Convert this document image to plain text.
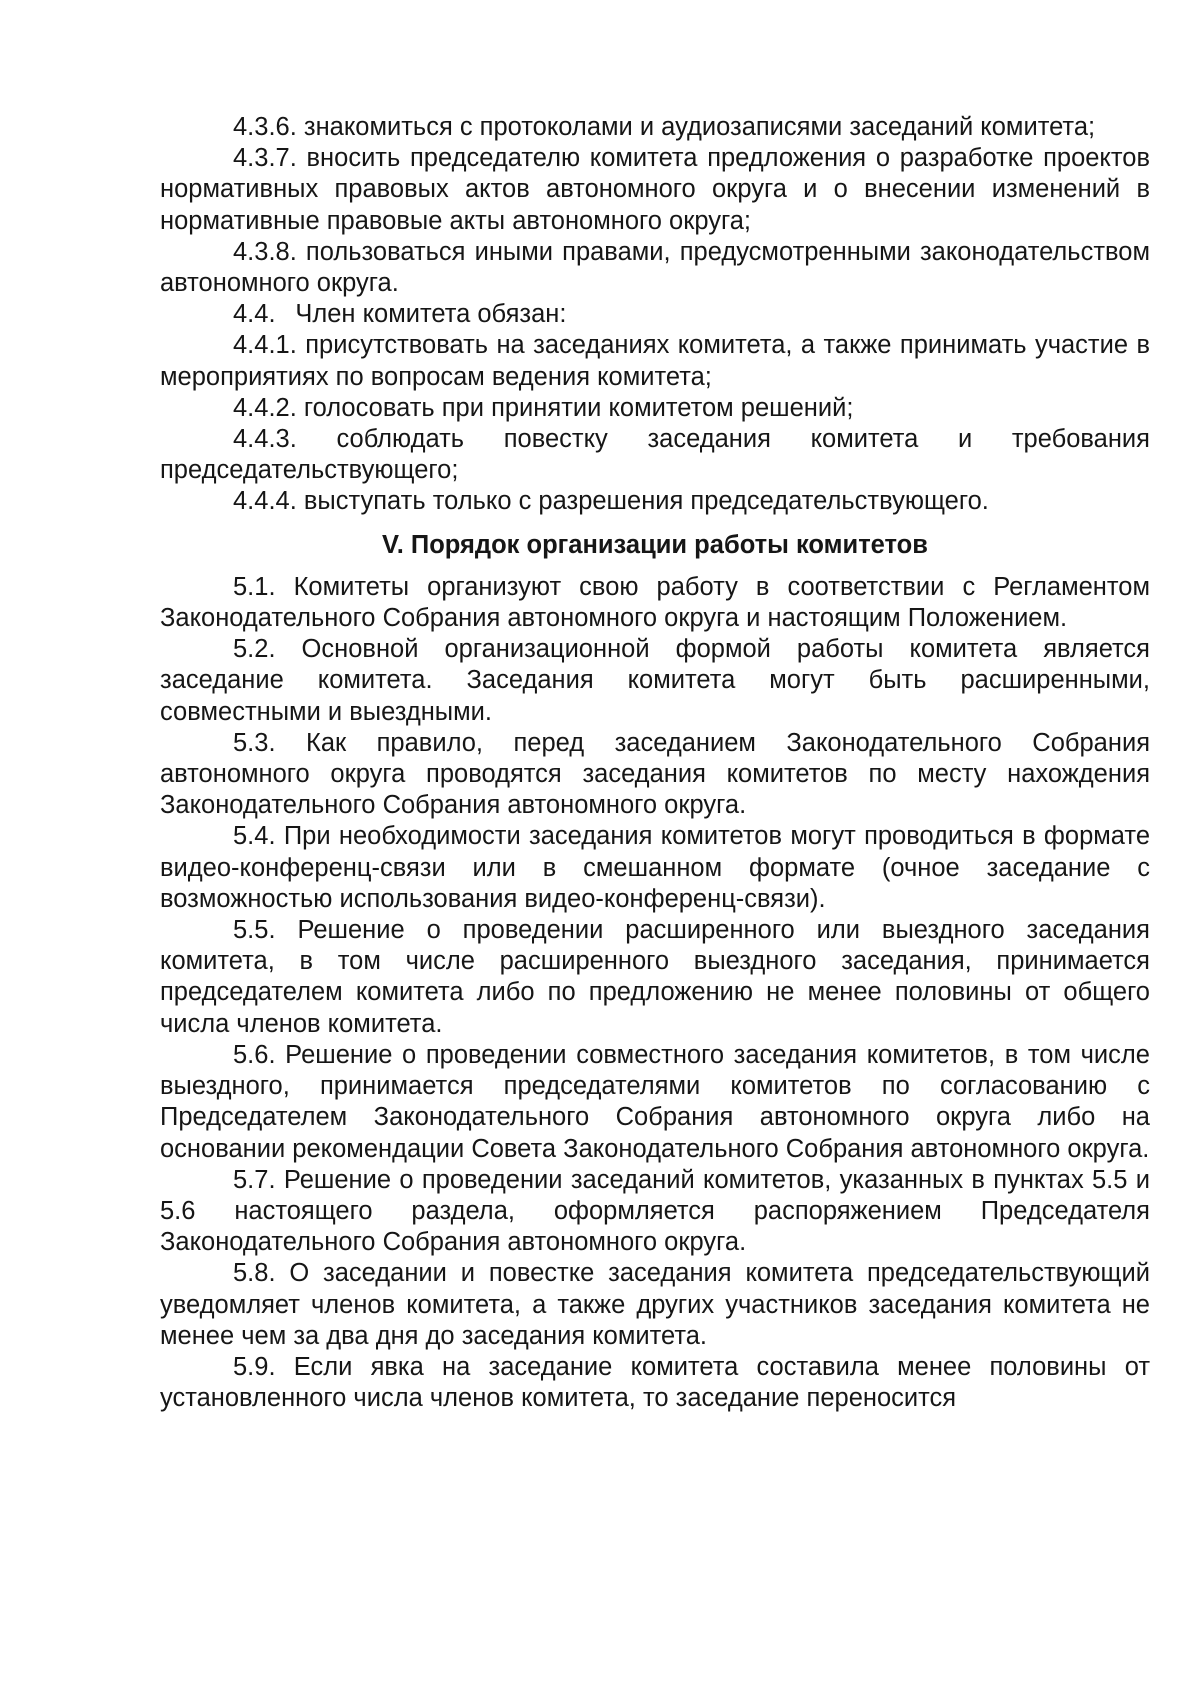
4.3.6. знакомиться с протоколами и аудиозаписями заседаний комитета;

4.3.7. вносить председателю комитета предложения о разработке проектов нормативных правовых актов автономного округа и о внесении изменений в нормативные правовые акты автономного округа;

4.3.8. пользоваться иными правами, предусмотренными законодательством автономного округа.

4.4.  Член комитета обязан:

4.4.1. присутствовать на заседаниях комитета, а также принимать участие в мероприятиях по вопросам ведения комитета;

4.4.2. голосовать при принятии комитетом решений;

4.4.3. соблюдать повестку заседания комитета и требования председательствующего;

4.4.4. выступать только с разрешения председательствующего.

V. Порядок организации работы комитетов

5.1. Комитеты организуют свою работу в соответствии с Регламентом Законодательного Собрания автономного округа и настоящим Положением.

5.2. Основной организационной формой работы комитета является заседание комитета. Заседания комитета могут быть расширенными, совместными и выездными.

5.3. Как правило, перед заседанием Законодательного Собрания автономного округа проводятся заседания комитетов по месту нахождения Законодательного Собрания автономного округа.

5.4. При необходимости заседания комитетов могут проводиться в формате видео-конференц-связи или в смешанном формате (очное заседание с возможностью использования видео-конференц-связи).

5.5. Решение о проведении расширенного или выездного заседания комитета, в том числе расширенного выездного заседания, принимается председателем комитета либо по предложению не менее половины от общего числа членов комитета.

5.6. Решение о проведении совместного заседания комитетов, в том числе выездного, принимается председателями комитетов по согласованию с Председателем Законодательного Собрания автономного округа либо на основании рекомендации Совета Законодательного Собрания автономного округа.

5.7. Решение о проведении заседаний комитетов, указанных в пунктах 5.5 и 5.6 настоящего раздела, оформляется распоряжением Председателя Законодательного Собрания автономного округа.

5.8. О заседании и повестке заседания комитета председательствующий уведомляет членов комитета, а также других участников заседания комитета не менее чем за два дня до заседания комитета.

5.9. Если явка на заседание комитета составила менее половины от установленного числа членов комитета, то заседание переносится
